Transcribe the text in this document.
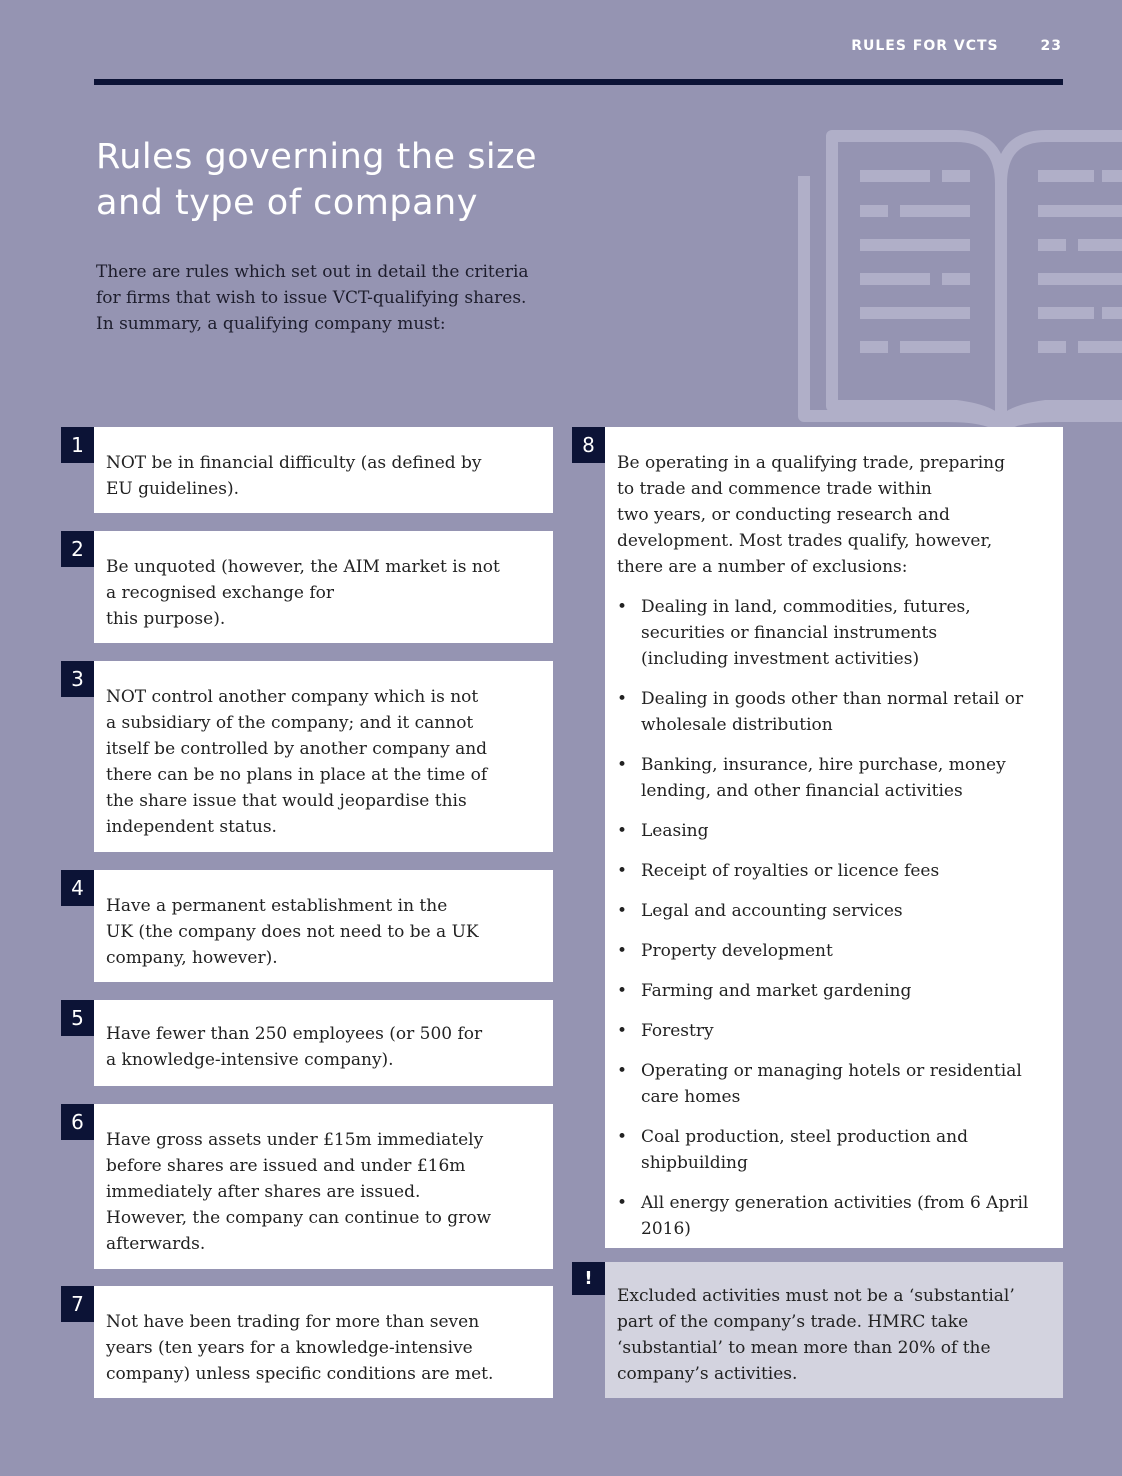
RULES FOR VCTS	23
Rules governing the size
and type of company

There are rules which set out in detail the criteria
for firms that wish to issue VCT-qualifying shares.
In summary, a qualifying company must:

1
NOT be in financial difficulty (as defined by
EU guidelines).
2
Be unquoted (however, the AIM market is not
a recognised exchange for
this purpose).
3
NOT control another company which is not
a subsidiary of the company; and it cannot
itself be controlled by another company and
there can be no plans in place at the time of
the share issue that would jeopardise this
independent status.
4
Have a permanent establishment in the
UK (the company does not need to be a UK
company, however).
5
Have fewer than 250 employees (or 500 for
a knowledge-intensive company).
6
Have gross assets under £15m immediately
before shares are issued and under £16m
immediately after shares are issued.
However, the company can continue to grow
afterwards.
7
Not have been trading for more than seven
years (ten years for a knowledge-intensive
company) unless specific conditions are met.
8
Be operating in a qualifying trade, preparing
to trade and commence trade within
two years, or conducting research and
development. Most trades qualify, however,
there are a number of exclusions:
• Dealing in land, commodities, futures,
securities or financial instruments
(including investment activities)
• Dealing in goods other than normal retail or
wholesale distribution
• Banking, insurance, hire purchase, money
lending, and other financial activities
• Leasing
• Receipt of royalties or licence fees
• Legal and accounting services
• Property development
• Farming and market gardening
• Forestry
• Operating or managing hotels or residential
care homes
• Coal production, steel production and
shipbuilding
• All energy generation activities (from 6 April
2016)
!
Excluded activities must not be a ‘substantial’
part of the company’s trade. HMRC take
‘substantial’ to mean more than 20% of the
company’s activities.
